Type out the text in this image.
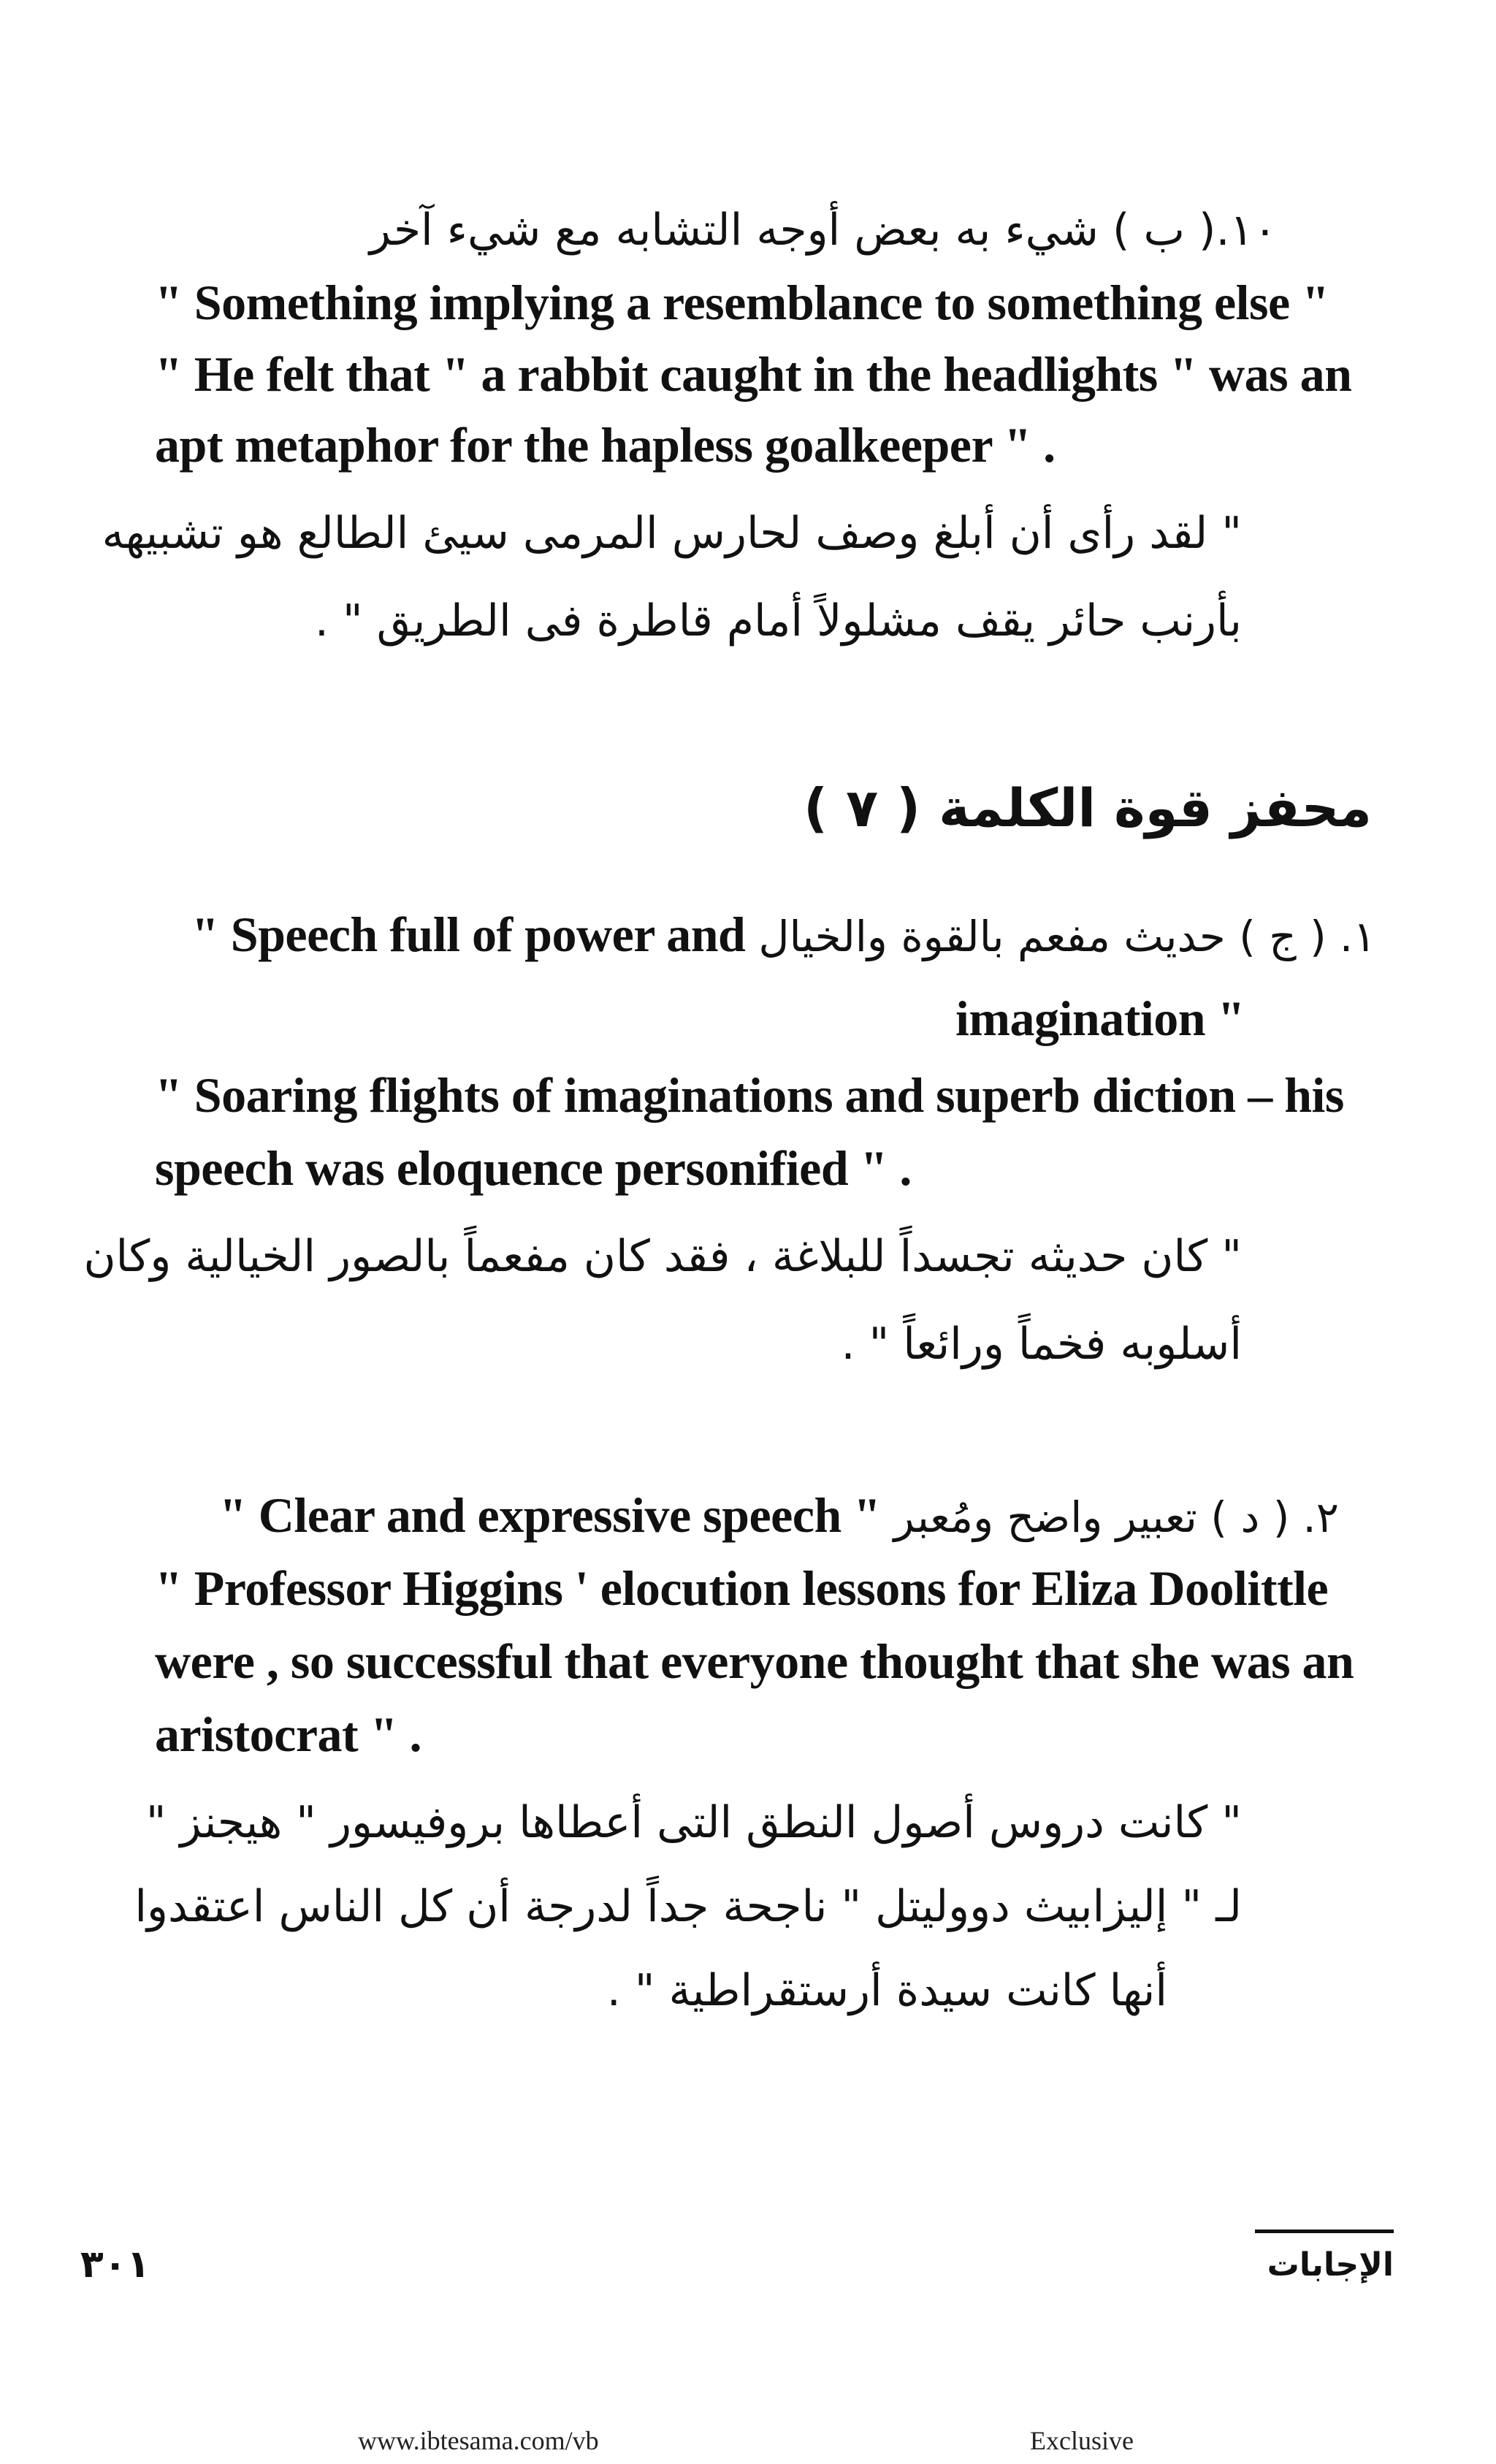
١٠.( ب ) شيء به بعض أوجه التشابه مع شيء آخر
" Something implying a resemblance to something else "
" He felt that " a rabbit caught in the headlights " was an
apt metaphor for the hapless goalkeeper " .
" لقد رأى أن أبلغ وصف لحارس المرمى سيئ الطالع هو تشبيهه
بأرنب حائر يقف مشلولاً أمام قاطرة فى الطريق " .
محفز قوة الكلمة ( ٧ )
" Speech full of power and ( ج ) حديث مفعم بالقوة والخيال ١.
imagination "
" Soaring flights of imaginations and superb diction – his
speech was eloquence personified " .
" كان حديثه تجسداً للبلاغة ، فقد كان مفعماً بالصور الخيالية وكان
أسلوبه فخماً ورائعاً " .
" Clear and expressive speech " ( د ) تعبير واضح ومُعبر ٢.
" Professor Higgins ' elocution lessons for Eliza Doolittle
were , so successful that everyone thought that she was an
aristocrat " .
" كانت دروس أصول النطق التى أعطاها بروفيسور " هيجنز "
لـ " إليزابيث دووليتل " ناجحة جداً لدرجة أن كل الناس اعتقدوا
أنها كانت سيدة أرستقراطية " .
الإجابات
٣٠١
www.ibtesama.com/vb	Exclusive
